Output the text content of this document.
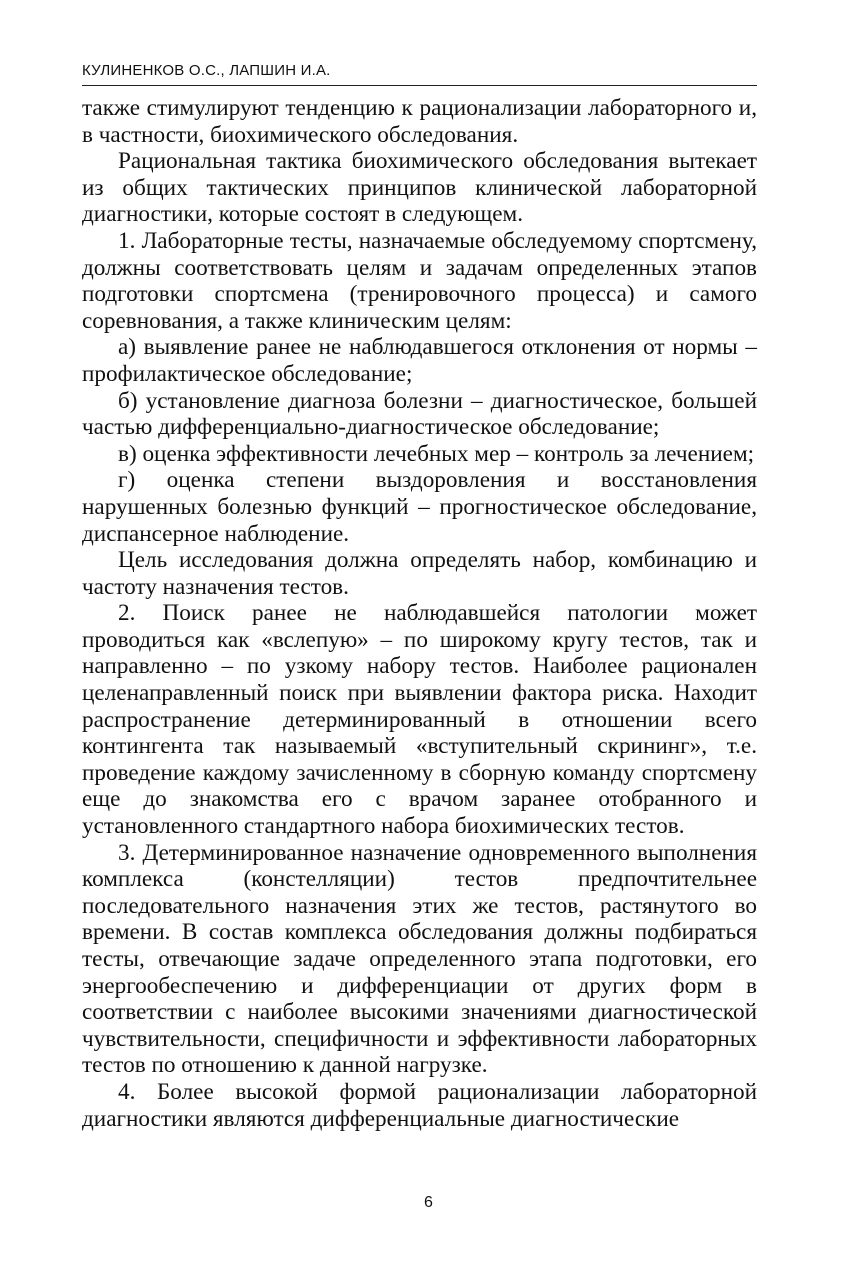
КУЛИНЕНКОВ О.С., ЛАПШИН И.А.

также стимулируют тенденцию к рационализации лабораторного и, в частности, биохимического обследования.

Рациональная тактика биохимического обследования вытекает из общих тактических принципов клинической лабораторной диагностики, которые состоят в следующем.

1. Лабораторные тесты, назначаемые обследуемому спортсмену, должны соответствовать целям и задачам определенных этапов подготовки спортсмена (тренировочного процесса) и самого соревнования, а также клиническим целям:

а) выявление ранее не наблюдавшегося отклонения от нормы – профилактическое обследование;

б) установление диагноза болезни – диагностическое, большей частью дифференциально-диагностическое обследование;

в) оценка эффективности лечебных мер – контроль за лечением;

г) оценка степени выздоровления и восстановления нарушенных болезнью функций – прогностическое обследование, диспансерное наблюдение.

Цель исследования должна определять набор, комбинацию и частоту назначения тестов.

2. Поиск ранее не наблюдавшейся патологии может проводиться как «вслепую» – по широкому кругу тестов, так и направленно – по узкому набору тестов. Наиболее рационален целенаправленный поиск при выявлении фактора риска. Находит распространение детерминированный в отношении всего контингента так называемый «вступительный скрининг», т.е. проведение каждому зачисленному в сборную команду спортсмену еще до знакомства его с врачом заранее отобранного и установленного стандартного набора биохимических тестов.

3. Детерминированное назначение одновременного выполнения комплекса (констелляции) тестов предпочтительнее последовательного назначения этих же тестов, растянутого во времени. В состав комплекса обследования должны подбираться тесты, отвечающие задаче определенного этапа подготовки, его энергообеспечению и дифференциации от других форм в соответствии с наиболее высокими значениями диагностической чувствительности, специфичности и эффективности лабораторных тестов по отношению к данной нагрузке.

4. Более высокой формой рационализации лабораторной диагностики являются дифференциальные диагностические

6
